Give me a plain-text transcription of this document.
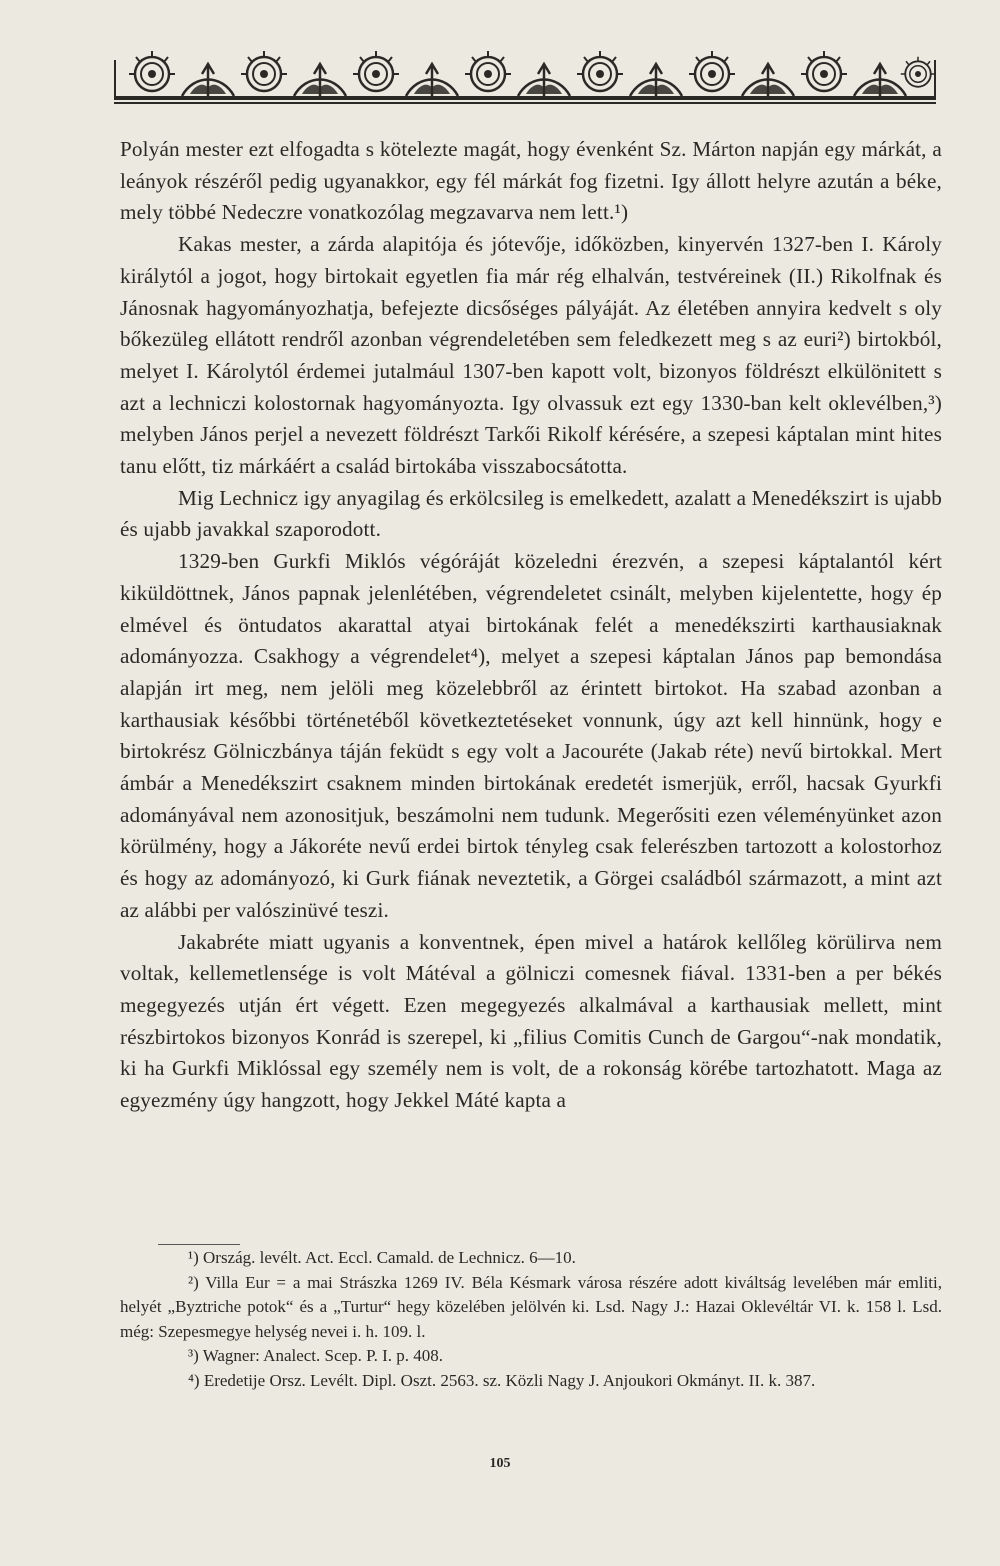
Polyán mester ezt elfogadta s kötelezte magát, hogy évenként Sz. Márton napján egy márkát, a leányok részéről pedig ugyanakkor, egy fél márkát fog fizetni. Igy állott helyre azután a béke, mely többé Nedeczre vonatkozólag megzavarva nem lett.¹)

Kakas mester, a zárda alapitója és jótevője, időközben, kinyervén 1327-ben I. Károly királytól a jogot, hogy birtokait egyetlen fia már rég elhalván, testvéreinek (II.) Rikolfnak és Jánosnak hagyományozhatja, befejezte dicsőséges pályáját. Az életében annyira kedvelt s oly bőkezüleg ellátott rendről azonban végrendeletében sem feledkezett meg s az euri²) birtokból, melyet I. Károlytól érdemei jutalmául 1307-ben kapott volt, bizonyos földrészt elkülönitett s azt a lechniczi kolostornak hagyományozta. Igy olvassuk ezt egy 1330-ban kelt oklevélben,³) melyben János perjel a nevezett földrészt Tarkői Rikolf kérésére, a szepesi káptalan mint hites tanu előtt, tiz márkáért a család birtokába visszabocsátotta.

Mig Lechnicz igy anyagilag és erkölcsileg is emelkedett, azalatt a Menedékszirt is ujabb és ujabb javakkal szaporodott.

1329-ben Gurkfi Miklós végóráját közeledni érezvén, a szepesi káptalantól kért kiküldöttnek, János papnak jelenlétében, végrendeletet csinált, melyben kijelentette, hogy ép elmével és öntudatos akarattal atyai birtokának felét a menedékszirti karthausiaknak adományozza. Csakhogy a végrendelet⁴), melyet a szepesi káptalan János pap bemondása alapján irt meg, nem jelöli meg közelebbről az érintett birtokot. Ha szabad azonban a karthausiak későbbi történetéből következtetéseket vonnunk, úgy azt kell hinnünk, hogy e birtokrész Gölniczbánya táján feküdt s egy volt a Jacouréte (Jakab réte) nevű birtokkal. Mert ámbár a Menedékszirt csaknem minden birtokának eredetét ismerjük, erről, hacsak Gyurkfi adományával nem azonositjuk, beszámolni nem tudunk. Megerősiti ezen véleményünket azon körülmény, hogy a Jákoréte nevű erdei birtok tényleg csak felerészben tartozott a kolostorhoz és hogy az adományozó, ki Gurk fiának neveztetik, a Görgei családból származott, a mint azt az alábbi per valószinüvé teszi.

Jakabréte miatt ugyanis a konventnek, épen mivel a határok kellőleg körülirva nem voltak, kellemetlensége is volt Mátéval a gölniczi comesnek fiával. 1331-ben a per békés megegyezés utján ért végett. Ezen megegyezés alkalmával a karthausiak mellett, mint részbirtokos bizonyos Konrád is szerepel, ki „filius Comitis Cunch de Gargou“-nak mondatik, ki ha Gurkfi Miklóssal egy személy nem is volt, de a rokonság körébe tartozhatott. Maga az egyezmény úgy hangzott, hogy Jekkel Máté kapta a

¹) Ország. levélt. Act. Eccl. Camald. de Lechnicz. 6—10.

²) Villa Eur = a mai Strászka 1269 IV. Béla Késmark városa részére adott kiváltság levelében már emliti, helyét „Byztriche potok“ és a „Turtur“ hegy közelében jelölvén ki. Lsd. Nagy J.: Hazai Oklevéltár VI. k. 158 l. Lsd. még: Szepesmegye helység nevei i. h. 109. l.

³) Wagner: Analect. Scep. P. I. p. 408.

⁴) Eredetije Orsz. Levélt. Dipl. Oszt. 2563. sz. Közli Nagy J. Anjoukori Okmányt. II. k. 387.

105
